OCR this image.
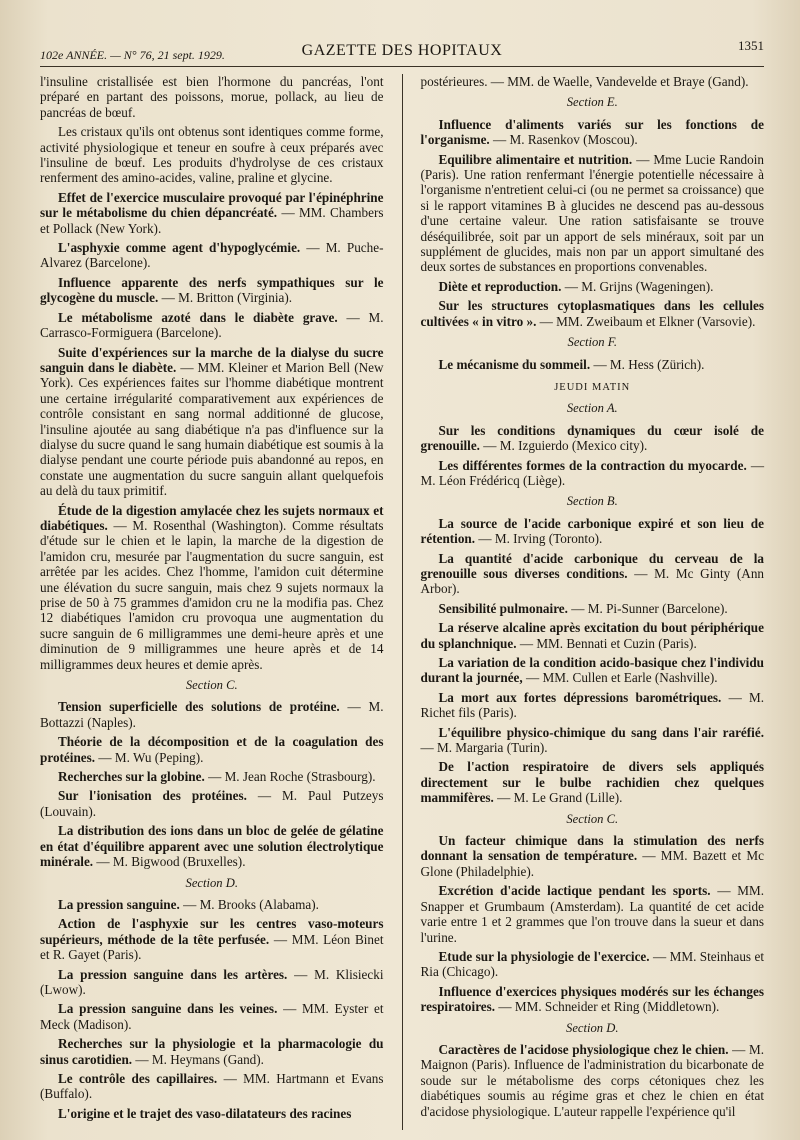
102e ANNÉE. — N° 76, 21 sept. 1929.	GAZETTE DES HOPITAUX	1351

l'insuline cristallisée est bien l'hormone du pancréas, l'ont préparé en partant des poissons, morue, pollack, au lieu de pancréas de bœuf.

Les cristaux qu'ils ont obtenus sont identiques comme forme, activité physiologique et teneur en soufre à ceux préparés avec l'insuline de bœuf. Les produits d'hydrolyse de ces cristaux renferment des amino-acides, valine, praline et glycine.

Effet de l'exercice musculaire provoqué par l'épinéphrine sur le métabolisme du chien dépancréaté. — MM. Chambers et Pollack (New York).

L'asphyxie comme agent d'hypoglycémie. — M. Puche-Alvarez (Barcelone).

Influence apparente des nerfs sympathiques sur le glycogène du muscle. — M. Britton (Virginia).

Le métabolisme azoté dans le diabète grave. — M. Carrasco-Formiguera (Barcelone).

Suite d'expériences sur la marche de la dialyse du sucre sanguin dans le diabète. — MM. Kleiner et Marion Bell (New York). Ces expériences faites sur l'homme diabétique montrent une certaine irrégularité comparativement aux expériences de contrôle consistant en sang normal additionné de glucose, l'insuline ajoutée au sang diabétique n'a pas d'influence sur la dialyse du sucre quand le sang humain diabétique est soumis à la dialyse pendant une courte période puis abandonné au repos, en constate une augmentation du sucre sanguin allant quelquefois au delà du taux primitif.

Étude de la digestion amylacée chez les sujets normaux et diabétiques. — M. Rosenthal (Washington). Comme résultats d'étude sur le chien et le lapin, la marche de la digestion de l'amidon cru, mesurée par l'augmentation du sucre sanguin, est arrêtée par les acides. Chez l'homme, l'amidon cuit détermine une élévation du sucre sanguin, mais chez 9 sujets normaux la prise de 50 à 75 grammes d'amidon cru ne la modifia pas. Chez 12 diabétiques l'amidon cru provoqua une augmentation du sucre sanguin de 6 milligrammes une demi-heure après et une diminution de 9 milligrammes une heure après et de 14 milligrammes deux heures et demie après.

Section C.

Tension superficielle des solutions de protéine. — M. Bottazzi (Naples).

Théorie de la décomposition et de la coagulation des protéines. — M. Wu (Peping).

Recherches sur la globine. — M. Jean Roche (Strasbourg).

Sur l'ionisation des protéines. — M. Paul Putzeys (Louvain).

La distribution des ions dans un bloc de gelée de gélatine en état d'équilibre apparent avec une solution électrolytique minérale. — M. Bigwood (Bruxelles).

Section D.

La pression sanguine. — M. Brooks (Alabama).

Action de l'asphyxie sur les centres vaso-moteurs supérieurs, méthode de la tête perfusée. — MM. Léon Binet et R. Gayet (Paris).

La pression sanguine dans les artères. — M. Klisiecki (Lwow).

La pression sanguine dans les veines. — MM. Eyster et Meck (Madison).

Recherches sur la physiologie et la pharmacologie du sinus carotidien. — M. Heymans (Gand).

Le contrôle des capillaires. — MM. Hartmann et Evans (Buffalo).

L'origine et le trajet des vaso-dilatateurs des racines

postérieures. — MM. de Waelle, Vandevelde et Braye (Gand).

Section E.

Influence d'aliments variés sur les fonctions de l'organisme. — M. Rasenkov (Moscou).

Equilibre alimentaire et nutrition. — Mme Lucie Randoin (Paris). Une ration renfermant l'énergie potentielle nécessaire à l'organisme n'entretient celui-ci (ou ne permet sa croissance) que si le rapport vitamines B à glucides ne descend pas au-dessous d'une certaine valeur. Une ration satisfaisante se trouve déséquilibrée, soit par un apport de sels minéraux, soit par un supplément de glucides, mais non par un apport simultané des deux sortes de substances en proportions convenables.

Diète et reproduction. — M. Grijns (Wageningen).

Sur les structures cytoplasmatiques dans les cellules cultivées « in vitro ». — MM. Zweibaum et Elkner (Varsovie).

Section F.

Le mécanisme du sommeil. — M. Hess (Zürich).

JEUDI MATIN
Section A.

Sur les conditions dynamiques du cœur isolé de grenouille. — M. Izguierdo (Mexico city).

Les différentes formes de la contraction du myocarde. — M. Léon Frédéricq (Liège).

Section B.

La source de l'acide carbonique expiré et son lieu de rétention. — M. Irving (Toronto).

La quantité d'acide carbonique du cerveau de la grenouille sous diverses conditions. — M. Mc Ginty (Ann Arbor).

Sensibilité pulmonaire. — M. Pi-Sunner (Barcelone).

La réserve alcaline après excitation du bout périphérique du splanchnique. — MM. Bennati et Cuzin (Paris).

La variation de la condition acido-basique chez l'individu durant la journée, — MM. Cullen et Earle (Nashville).

La mort aux fortes dépressions barométriques. — M. Richet fils (Paris).

L'équilibre physico-chimique du sang dans l'air raréfié. — M. Margaria (Turin).

De l'action respiratoire de divers sels appliqués directement sur le bulbe rachidien chez quelques mammifères. — M. Le Grand (Lille).

Section C.

Un facteur chimique dans la stimulation des nerfs donnant la sensation de température. — MM. Bazett et Mc Glone (Philadelphie).

Excrétion d'acide lactique pendant les sports. — MM. Snapper et Grumbaum (Amsterdam). La quantité de cet acide varie entre 1 et 2 grammes que l'on trouve dans la sueur et dans l'urine.

Etude sur la physiologie de l'exercice. — MM. Steinhaus et Ria (Chicago).

Influence d'exercices physiques modérés sur les échanges respiratoires. — MM. Schneider et Ring (Middletown).

Section D.

Caractères de l'acidose physiologique chez le chien. — M. Maignon (Paris). Influence de l'administration du bicarbonate de soude sur le métabolisme des corps cétoniques chez les diabétiques soumis au régime gras et chez le chien en état d'acidose physiologique. L'auteur rappelle l'expérience qu'il
